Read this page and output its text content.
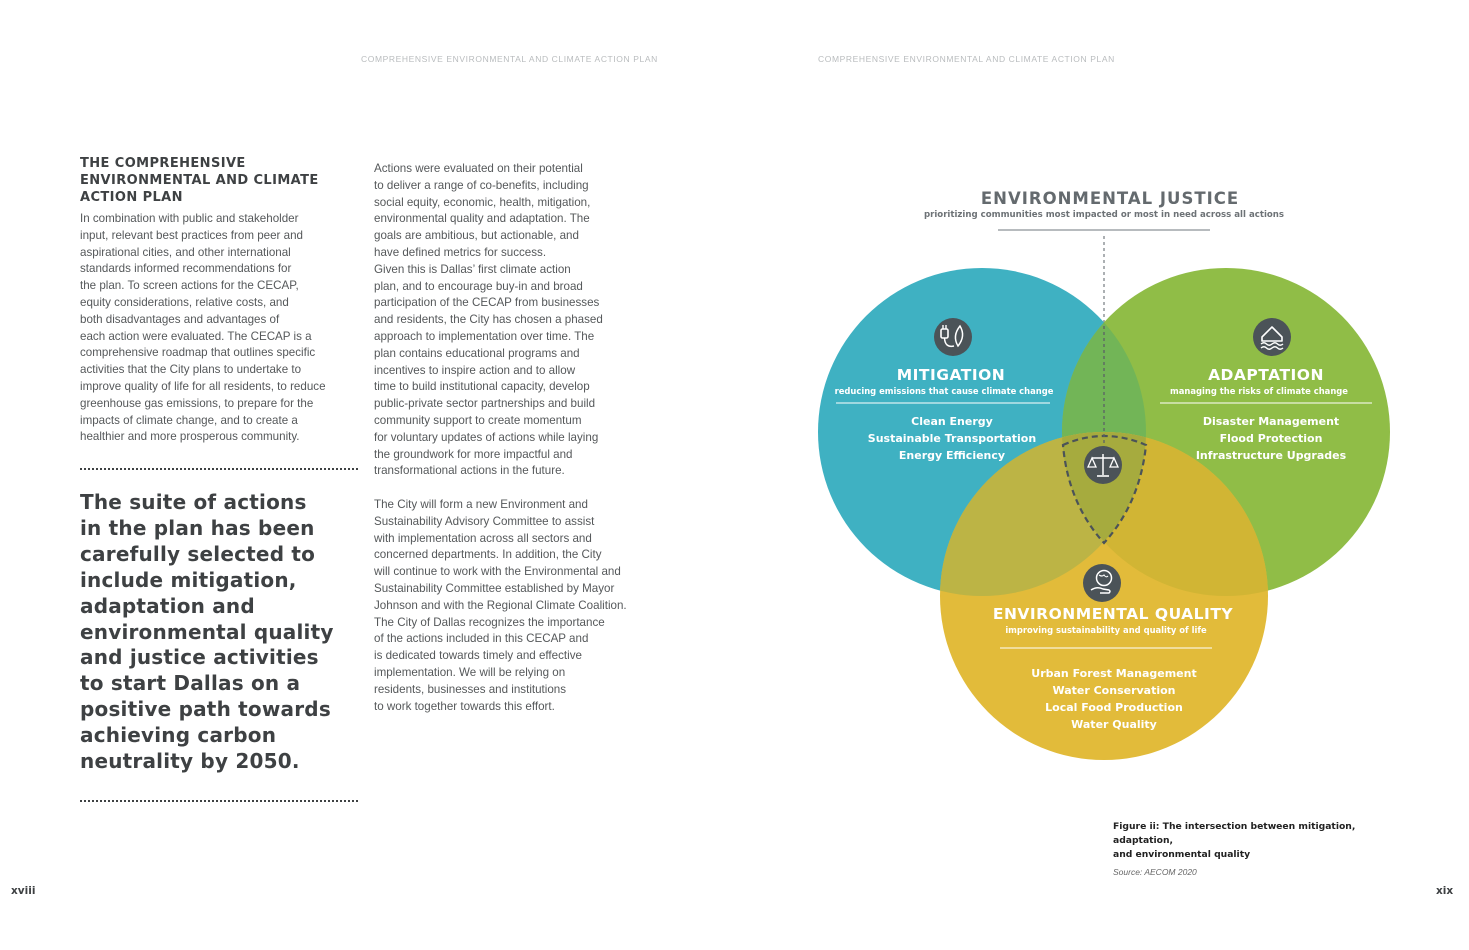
COMPREHENSIVE ENVIRONMENTAL AND CLIMATE ACTION PLAN
THE COMPREHENSIVE
ENVIRONMENTAL AND CLIMATE
ACTION PLAN
In combination with public and stakeholder
input, relevant best practices from peer and
aspirational cities, and other international
standards informed recommendations for
the plan. To screen actions for the CECAP,
equity considerations, relative costs, and
both disadvantages and advantages of
each action were evaluated. The CECAP is a
comprehensive roadmap that outlines specific
activities that the City plans to undertake to
improve quality of life for all residents, to reduce
greenhouse gas emissions, to prepare for the
impacts of climate change, and to create a
healthier and more prosperous community.
The suite of actions
in the plan has been
carefully selected to
include mitigation,
adaptation and
environmental quality
and justice activities
to start Dallas on a
positive path towards
achieving carbon
neutrality by 2050.
Actions were evaluated on their potential
to deliver a range of co-benefits, including
social equity, economic, health, mitigation,
environmental quality and adaptation. The
goals are ambitious, but actionable, and
have defined metrics for success.
Given this is Dallas’ first climate action
plan, and to encourage buy-in and broad
participation of the CECAP from businesses
and residents, the City has chosen a phased
approach to implementation over time. The
plan contains educational programs and
incentives to inspire action and to allow
time to build institutional capacity, develop
public-private sector partnerships and build
community support to create momentum
for voluntary updates of actions while laying
the groundwork for more impactful and
transformational actions in the future.
The City will form a new Environment and
Sustainability Advisory Committee to assist
with implementation across all sectors and
concerned departments. In addition, the City
will continue to work with the Environmental and
Sustainability Committee established by Mayor
Johnson and with the Regional Climate Coalition.
The City of Dallas recognizes the importance
of the actions included in this CECAP and
is dedicated towards timely and effective
implementation. We will be relying on
residents, businesses and institutions
to work together towards this effort.
xviii
COMPREHENSIVE ENVIRONMENTAL AND CLIMATE ACTION PLAN
ENVIRONMENTAL JUSTICE
prioritizing communities most impacted or most in need across all actions
MITIGATION
reducing emissions that cause climate change
Clean Energy
Sustainable Transportation
Energy Efficiency
ADAPTATION
managing the risks of climate change
Disaster Management
Flood Protection
Infrastructure Upgrades
ENVIRONMENTAL QUALITY
improving sustainability and quality of life
Urban Forest Management
Water Conservation
Local Food Production
Water Quality
Figure ii: The intersection between mitigation, adaptation,
and environmental quality
Source: AECOM 2020
xix
